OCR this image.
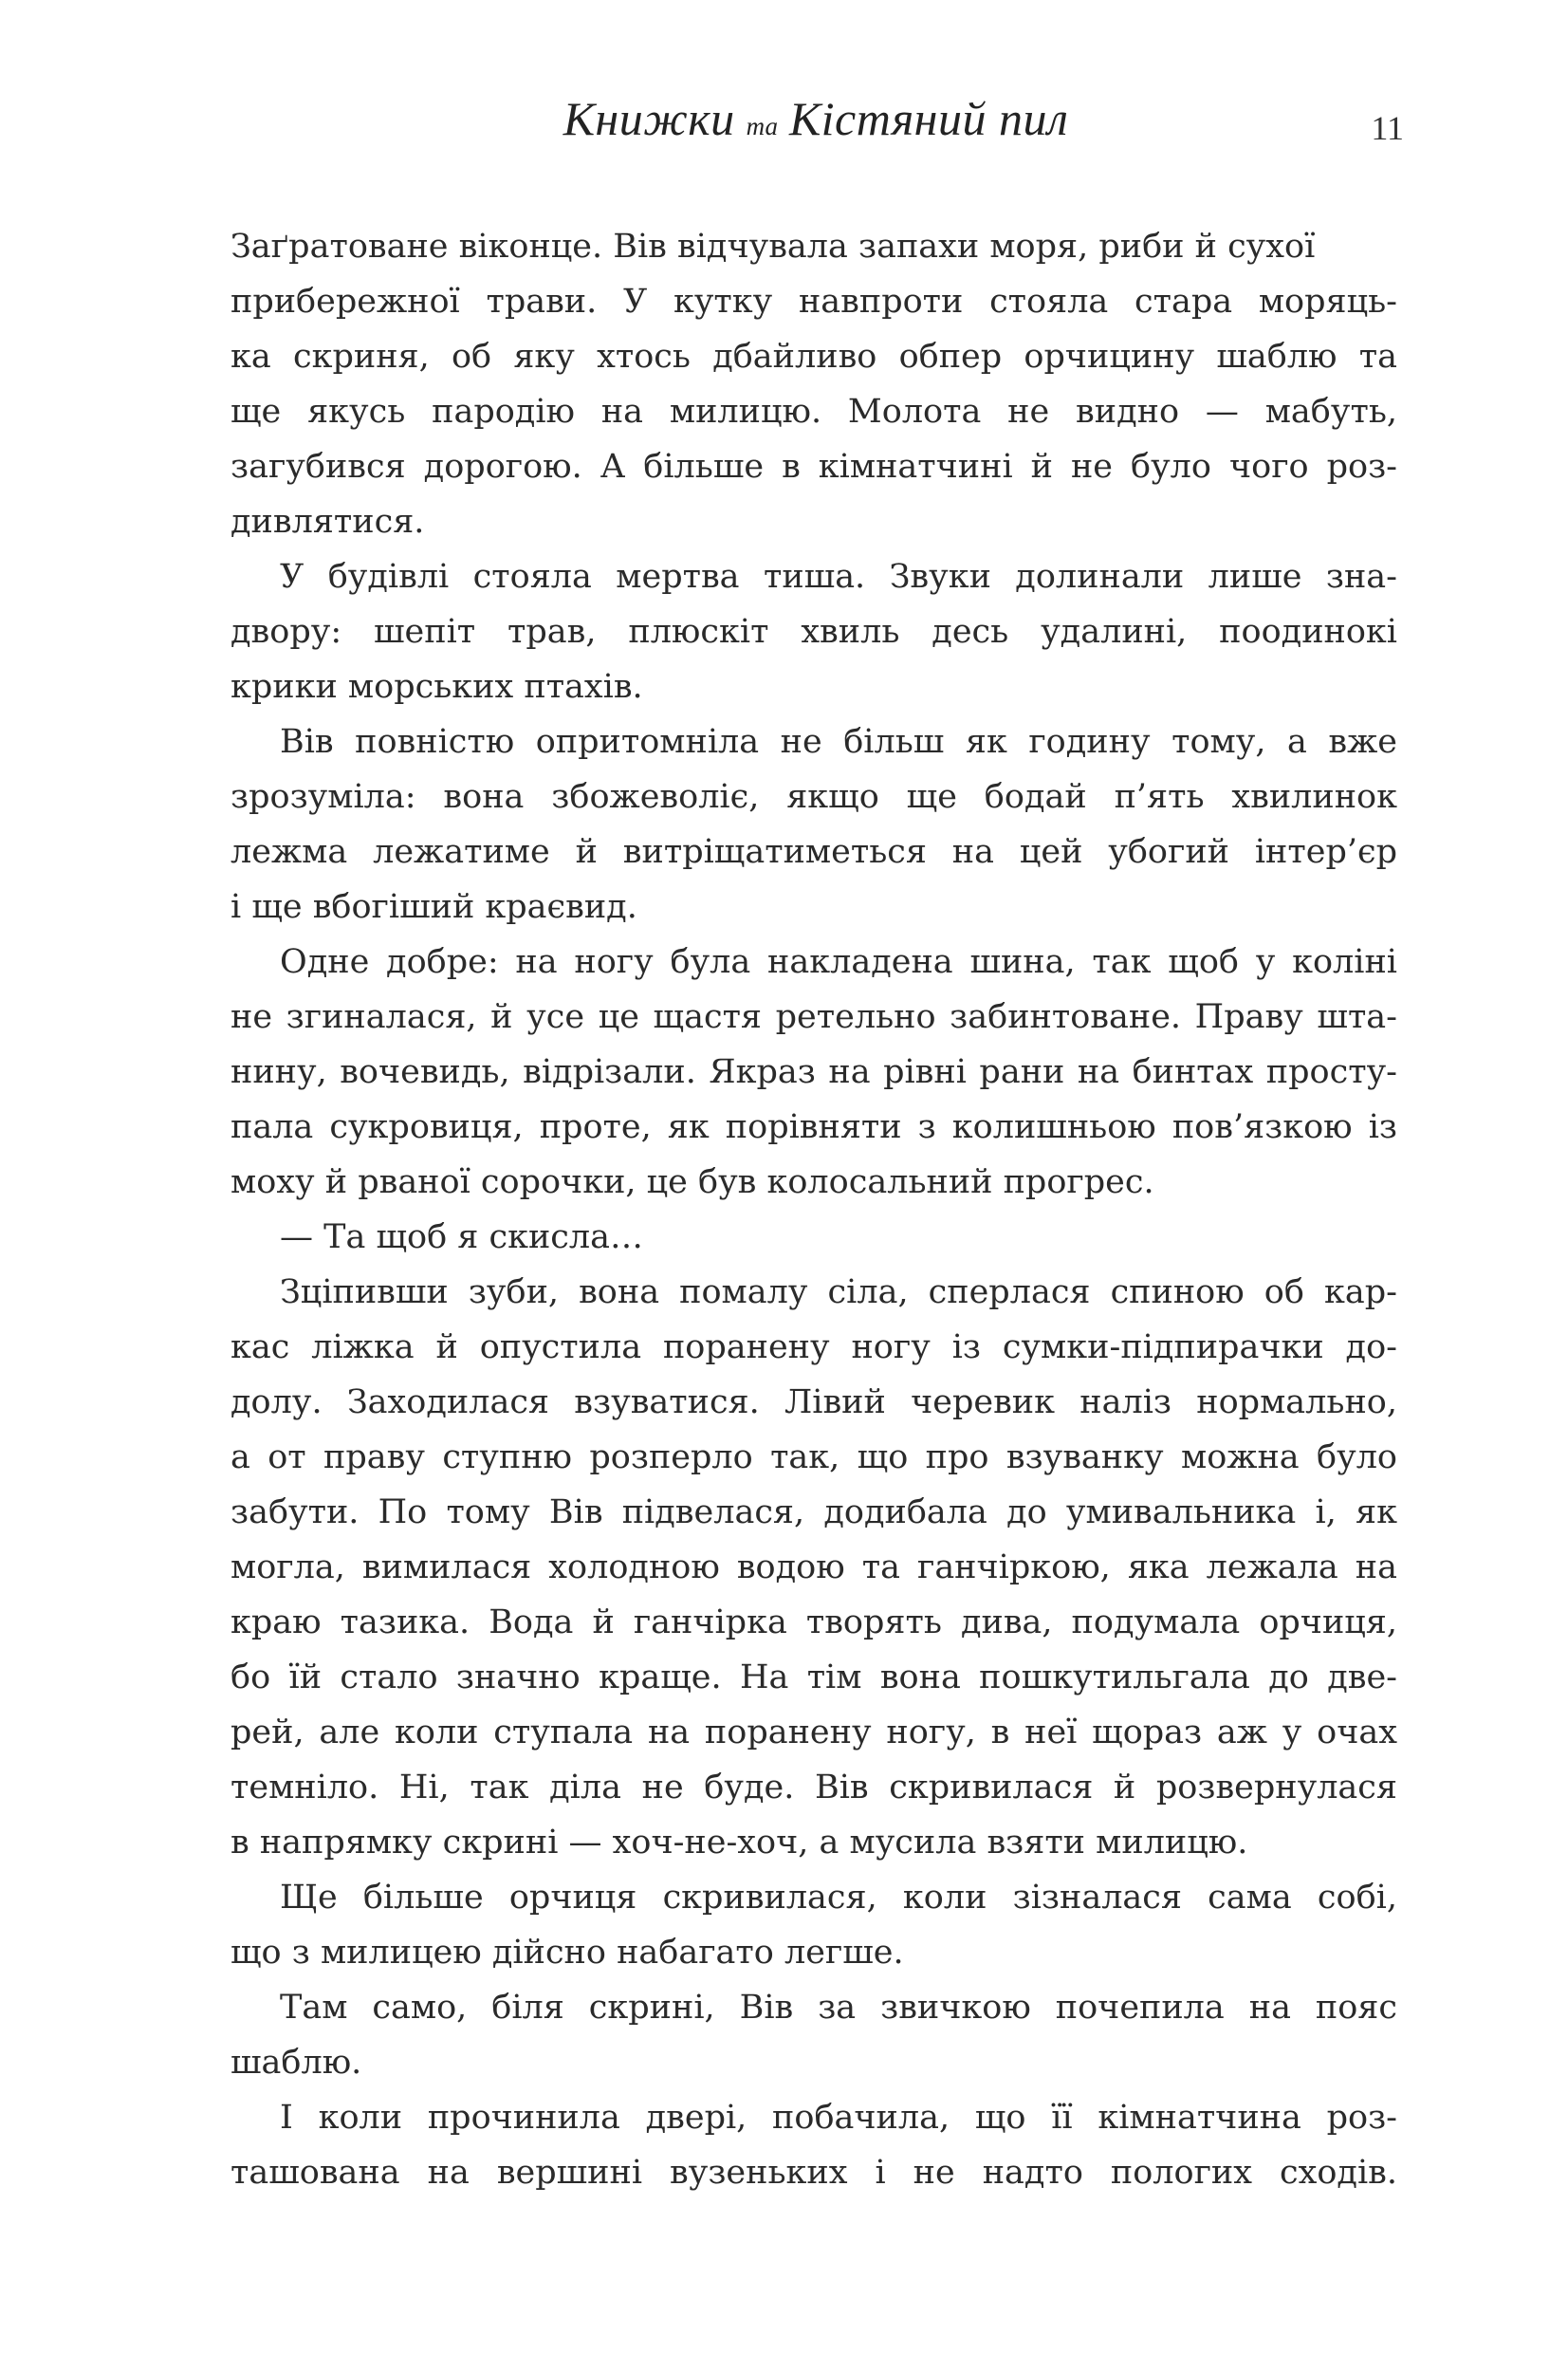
Книжки та Кістяний пил	11
Заґратоване віконце. Вів відчувала запахи моря, риби й сухої
прибережної трави. У кутку навпроти стояла стара моряць-
ка скриня, об яку хтось дбайливо обпер орчицину шаблю та
ще якусь пародію на милицю. Молота не видно — мабуть,
загубився дорогою. А більше в кімнатчині й не було чого роз-
дивлятися.
У будівлі стояла мертва тиша. Звуки долинали лише зна-
двору: шепіт трав, плюскіт хвиль десь удалині, поодинокі
крики морських птахів.
Вів повністю опритомніла не більш як годину тому, а вже
зрозуміла: вона збожеволіє, якщо ще бодай п’ять хвилинок
лежма лежатиме й витріщатиметься на цей убогий інтер’єр
і ще вбогіший краєвид.
Одне добре: на ногу була накладена шина, так щоб у коліні
не згиналася, й усе це щастя ретельно забинтоване. Праву шта-
нину, вочевидь, відрізали. Якраз на рівні рани на бинтах просту-
пала сукровиця, проте, як порівняти з колишньою пов’язкою із
моху й рваної сорочки, це був колосальний прогрес.
— Та щоб я скисла…
Зціпивши зуби, вона помалу сіла, сперлася спиною об кар-
кас ліжка й опустила поранену ногу із сумки-підпирачки до-
долу. Заходилася взуватися. Лівий черевик наліз нормально,
а от праву ступню розперло так, що про взуванку можна було
забути. По тому Вів підвелася, додибала до умивальника і, як
могла, вимилася холодною водою та ганчіркою, яка лежала на
краю тазика. Вода й ганчірка творять дива, подумала орчиця,
бо їй стало значно краще. На тім вона пошкутильгала до две-
рей, але коли ступала на поранену ногу, в неї щораз аж у очах
темніло. Ні, так діла не буде. Вів скривилася й розвернулася
в напрямку скрині — хоч-не-хоч, а мусила взяти милицю.
Ще більше орчиця скривилася, коли зізналася сама собі,
що з милицею дійсно набагато легше.
Там само, біля скрині, Вів за звичкою почепила на пояс
шаблю.
І коли прочинила двері, побачила, що її кімнатчина роз-
ташована на вершині вузеньких і не надто пологих сходів.
